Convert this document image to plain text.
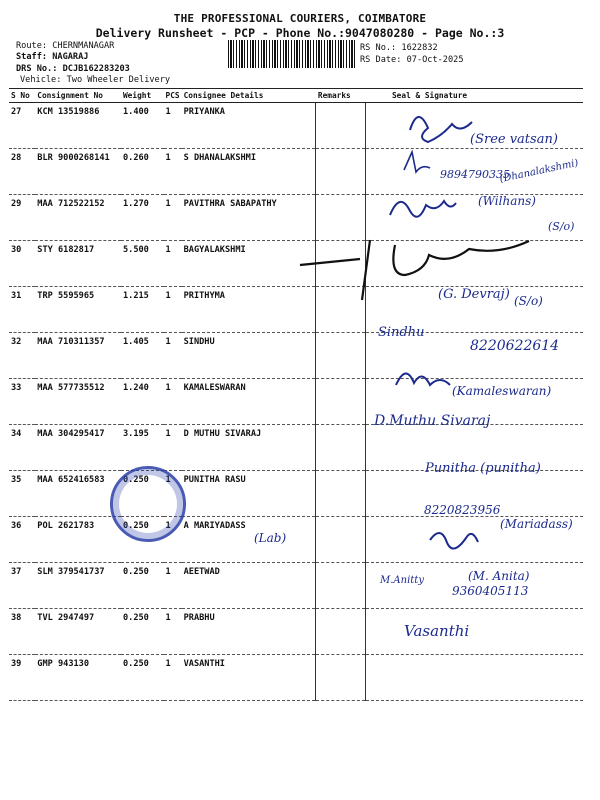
THE PROFESSIONAL COURIERS, COIMBATORE
Delivery Runsheet - PCP - Phone No.:9047080280 - Page No.:3
Route: CHERNMANAGAR
Staff: NAGARAJ
DRS No.: DCJB162283203
Vehicle: Two Wheeler Delivery
RS No.: 1622832
RS Date: 07-Oct-2025
S No	Consignment No	Weight	PCS	Consignee Details	Remarks	Seal & Signature
27	KCM 13519886	1.400	1	PRIYANKA		
28	BLR 9000268141	0.260	1	S DHANALAKSHMI		
29	MAA 712522152	1.270	1	PAVITHRA SABAPATHY		
30	STY 6182817	5.500	1	BAGYALAKSHMI		
31	TRP 5595965	1.215	1	PRITHYMA		
32	MAA 710311357	1.405	1	SINDHU		
33	MAA 577735512	1.240	1	KAMALESWARAN		
34	MAA 304295417	3.195	1	D MUTHU SIVARAJ		
35	MAA 652416583	0.250	1	PUNITHA RASU		
36	POL 2621783	0.250	1	A MARIYADASS		
37	SLM 379541737	0.250	1	AEETWAD		
38	TVL 2947497	0.250	1	PRABHU		
39	GMP 943130	0.250	1	VASANTHI		
(Sree vatsan)
9894790335
(Dhanalakshmi)
(Wilhans)
(S/o)
(G. Devraj) (S/o)
Sindhu
8220622614
(Kamaleswaran)
D.Muthu Sivaraj
Punitha (punitha)
8220823956
(Mariadass)
(Lab)
M.Anitty	(M. Anita)
9360405113
Vasanthi
